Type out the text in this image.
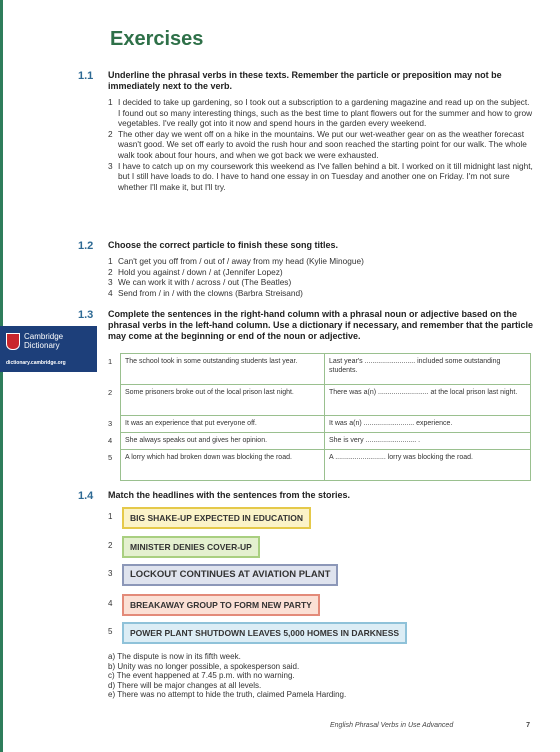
Exercises
1.1 Underline the phrasal verbs in these texts. Remember the particle or preposition may not be immediately next to the verb.
1 I decided to take up gardening, so I took out a subscription to a gardening magazine and read up on the subject. I found out so many interesting things, such as the best time to plant flowers out for the summer and how to grow vegetables. I've really got into it now and spend hours in the garden every weekend.
2 The other day we went off on a hike in the mountains. We put our wet-weather gear on as the weather forecast wasn't good. We set off early to avoid the rush hour and soon reached the starting point for our walk. The whole walk took about four hours, and when we got back we were exhausted.
3 I have to catch up on my coursework this weekend as I've fallen behind a bit. I worked on it till midnight last night, but I still have loads to do. I have to hand one essay in on Tuesday and another one on Friday. I'm not sure whether I'll make it, but I'll try.
1.2 Choose the correct particle to finish these song titles.
1 Can't get you off from / out of / away from my head (Kylie Minogue)
2 Hold you against / down / at (Jennifer Lopez)
3 We can work it with / across / out (The Beatles)
4 Send from / in / with the clowns (Barbra Streisand)
Cambridge
Dictionary
dictionary.cambridge.org
1.3 Complete the sentences in the right-hand column with a phrasal noun or adjective based on the phrasal verbs in the left-hand column. Use a dictionary if necessary, and remember that the particle may come at the beginning or end of the noun or adjective.
1	The school took in some outstanding students last year.	Last year's .......................... included some outstanding students.
2	Some prisoners broke out of the local prison last night.	There was a(n) .......................... at the local prison last night.
3	It was an experience that put everyone off.	It was a(n) .......................... experience.
4	She always speaks out and gives her opinion.	She is very .......................... .
5	A lorry which had broken down was blocking the road.	A .......................... lorry was blocking the road.
1.4 Match the headlines with the sentences from the stories.
1	BIG SHAKE-UP EXPECTED IN EDUCATION
2	MINISTER DENIES COVER-UP
3	LOCKOUT CONTINUES AT AVIATION PLANT
4	BREAKAWAY GROUP TO FORM NEW PARTY
5	POWER PLANT SHUTDOWN LEAVES 5,000 HOMES IN DARKNESS
a) The dispute is now in its fifth week.
b) Unity was no longer possible, a spokesperson said.
c) The event happened at 7.45 p.m. with no warning.
d) There will be major changes at all levels.
e) There was no attempt to hide the truth, claimed Pamela Harding.
English Phrasal Verbs in Use Advanced	7
